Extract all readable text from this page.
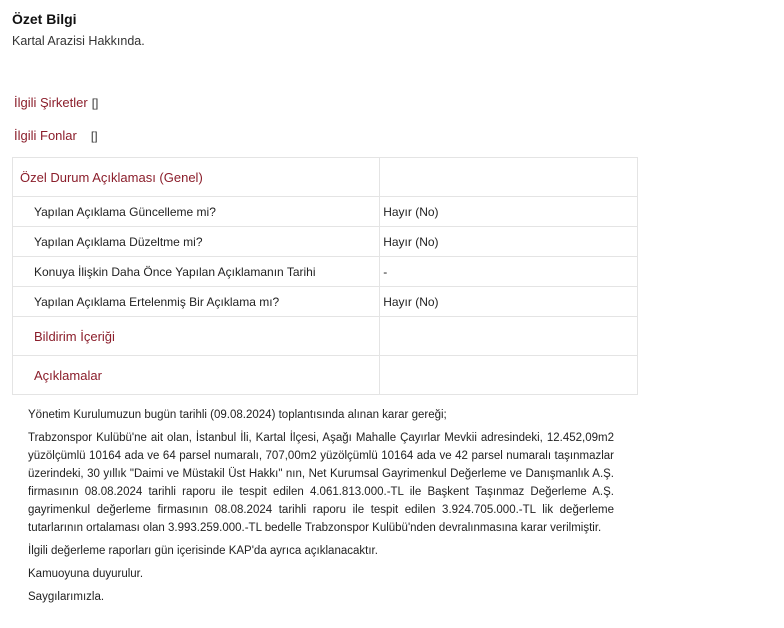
Özet Bilgi
Kartal Arazisi Hakkında.
İlgili Şirketler []
İlgili Fonlar []
Özel Durum Açıklaması (Genel)	
Yapılan Açıklama Güncelleme mi?	Hayır (No)
Yapılan Açıklama Düzeltme mi?	Hayır (No)
Konuya İlişkin Daha Önce Yapılan Açıklamanın Tarihi	-
Yapılan Açıklama Ertelenmiş Bir Açıklama mı?	Hayır (No)
Bildirim İçeriği	
Açıklamalar	

Yönetim Kurulumuzun bugün tarihli (09.08.2024) toplantısında alınan karar gereği;

Trabzonspor Kulübü'ne ait olan, İstanbul İli, Kartal İlçesi, Aşağı Mahalle Çayırlar Mevkii adresindeki, 12.452,09m2 yüzölçümlü 10164 ada ve 64 parsel numaralı, 707,00m2 yüzölçümlü 10164 ada ve 42 parsel numaralı taşınmazlar üzerindeki, 30 yıllık "Daimi ve Müstakil Üst Hakkı" nın, Net Kurumsal Gayrimenkul Değerleme ve Danışmanlık A.Ş. firmasının 08.08.2024 tarihli raporu ile tespit edilen 4.061.813.000.-TL ile Başkent Taşınmaz Değerleme A.Ş. gayrimenkul değerleme firmasının 08.08.2024 tarihli raporu ile tespit edilen 3.924.705.000.-TL lik değerleme tutarlarının ortalaması olan 3.993.259.000.-TL bedelle Trabzonspor Kulübü'nden devralınmasına karar verilmiştir.

İlgili değerleme raporları gün içerisinde KAP'da ayrıca açıklanacaktır.

Kamuoyuna duyurulur.

Saygılarımızla.
